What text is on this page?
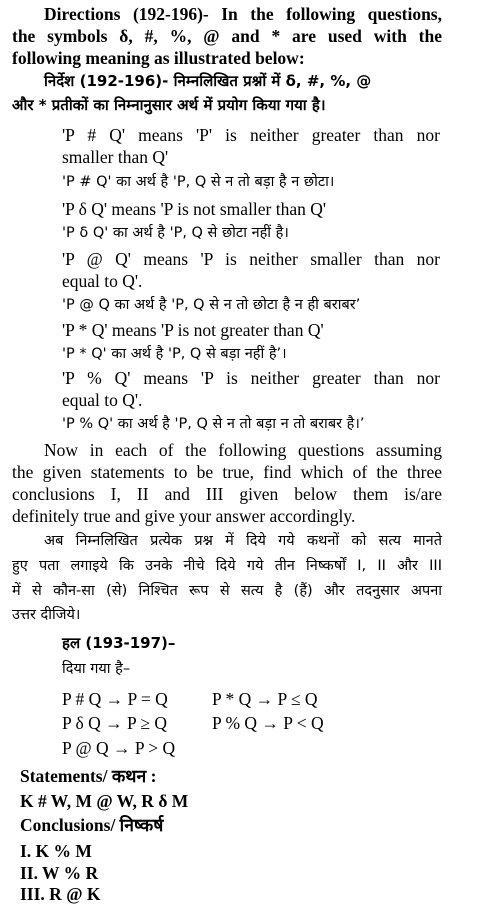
Directions (192-196)- In the following questions,
the symbols δ, #, %, @ and * are used with the
following meaning as illustrated below:
निर्देश (192-196)- निम्नलिखित प्रश्नों में δ, #, %, @
और * प्रतीकों का निम्नानुसार अर्थ में प्रयोग किया गया है।
'P # Q' means 'P' is neither greater than nor
smaller than Q'
'P # Q' का अर्थ है 'P, Q से न तो बड़ा है न छोटा।
'P δ Q' means 'P is not smaller than Q'
'P δ Q' का अर्थ है 'P, Q से छोटा नहीं है।
'P @ Q' means 'P is neither smaller than nor
equal to Q'.
'P @ Q का अर्थ है 'P, Q से न तो छोटा है न ही बराबर’
'P * Q' means 'P is not greater than Q'
'P * Q' का अर्थ है 'P, Q से बड़ा नहीं है’।
'P % Q' means 'P is neither greater than nor
equal to Q'.
'P % Q' का अर्थ है 'P, Q से न तो बड़ा न तो बराबर है।’
Now in each of the following questions assuming
the given statements to be true, find which of the three
conclusions I, II and III given below them is/are
definitely true and give your answer accordingly.
अब निम्नलिखित प्रत्येक प्रश्न में दिये गये कथनों को सत्य मानते
हुए पता लगाइये कि उनके नीचे दिये गये तीन निष्कर्षों I, II और III
में से कौन-सा (से) निश्चित रूप से सत्य है (हैं) और तदनुसार अपना
उत्तर दीजिये।
हल (193-197)–
दिया गया है–
P # Q → P = Q	P * Q → P ≤ Q
P δ Q → P ≥ Q	P % Q → P < Q
P @ Q → P > Q
Statements/ कथन :
K # W, M @ W, R δ M
Conclusions/ निष्कर्ष
I. K % M
II. W % R
III. R @ K
